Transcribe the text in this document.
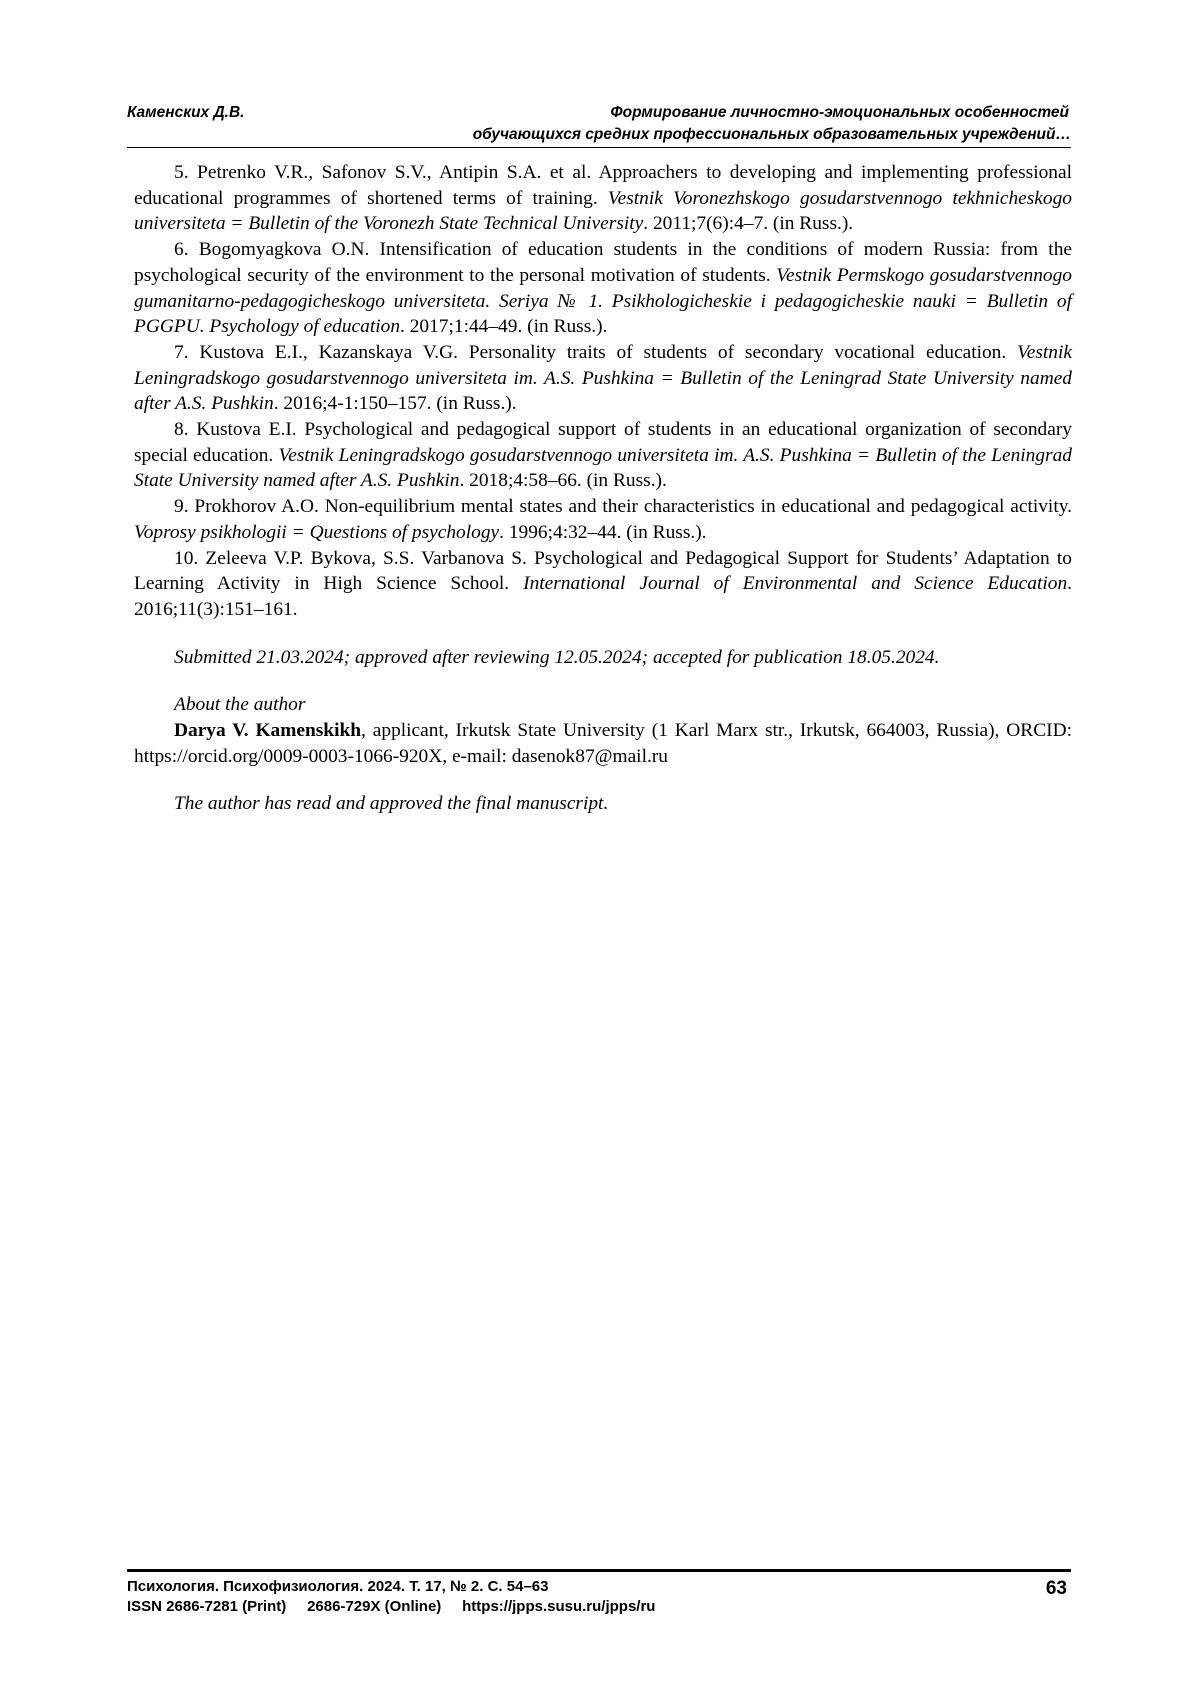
Каменских Д.В.	Формирование личностно-эмоциональных особенностей
обучающихся средних профессиональных образовательных учреждений…

5. Petrenko V.R., Safonov S.V., Antipin S.A. et al. Approachers to developing and implementing professional educational programmes of shortened terms of training. Vestnik Voronezhskogo gosudarstvennogo tekhnicheskogo universiteta = Bulletin of the Voronezh State Technical University. 2011;7(6):4–7. (in Russ.).

6. Bogomyagkova O.N. Intensification of education students in the conditions of modern Russia: from the psychological security of the environment to the personal motivation of students. Vestnik Permskogo gosudarstvennogo gumanitarno-pedagogicheskogo universiteta. Seriya № 1. Psikhologicheskie i pedagogicheskie nauki = Bulletin of PGGPU. Psychology of education. 2017;1:44–49. (in Russ.).

7. Kustova E.I., Kazanskaya V.G. Personality traits of students of secondary vocational education. Vestnik Leningradskogo gosudarstvennogo universiteta im. A.S. Pushkina = Bulletin of the Leningrad State University named after A.S. Pushkin. 2016;4-1:150–157. (in Russ.).

8. Kustova E.I. Psychological and pedagogical support of students in an educational organization of secondary special education. Vestnik Leningradskogo gosudarstvennogo universiteta im. A.S. Pushkina = Bulletin of the Leningrad State University named after A.S. Pushkin. 2018;4:58–66. (in Russ.).

9. Prokhorov A.O. Non-equilibrium mental states and their characteristics in educational and pedagogical activity. Voprosy psikhologii = Questions of psychology. 1996;4:32–44. (in Russ.).

10. Zeleeva V.P. Bykova, S.S. Varbanova S. Psychological and Pedagogical Support for Students’ Adaptation to Learning Activity in High Science School. International Journal of Environmental and Science Education. 2016;11(3):151–161.

Submitted 21.03.2024; approved after reviewing 12.05.2024; accepted for publication 18.05.2024.

About the author

Darya V. Kamenskikh, applicant, Irkutsk State University (1 Karl Marx str., Irkutsk, 664003, Russia), ORCID: https://orcid.org/0009-0003-1066-920X, e-mail: dasenok87@mail.ru

The author has read and approved the final manuscript.

Психология. Психофизиология. 2024. Т. 17, № 2. С. 54–63
ISSN 2686-7281 (Print)     2686-729X (Online)     https://jpps.susu.ru/jpps/ru
63
